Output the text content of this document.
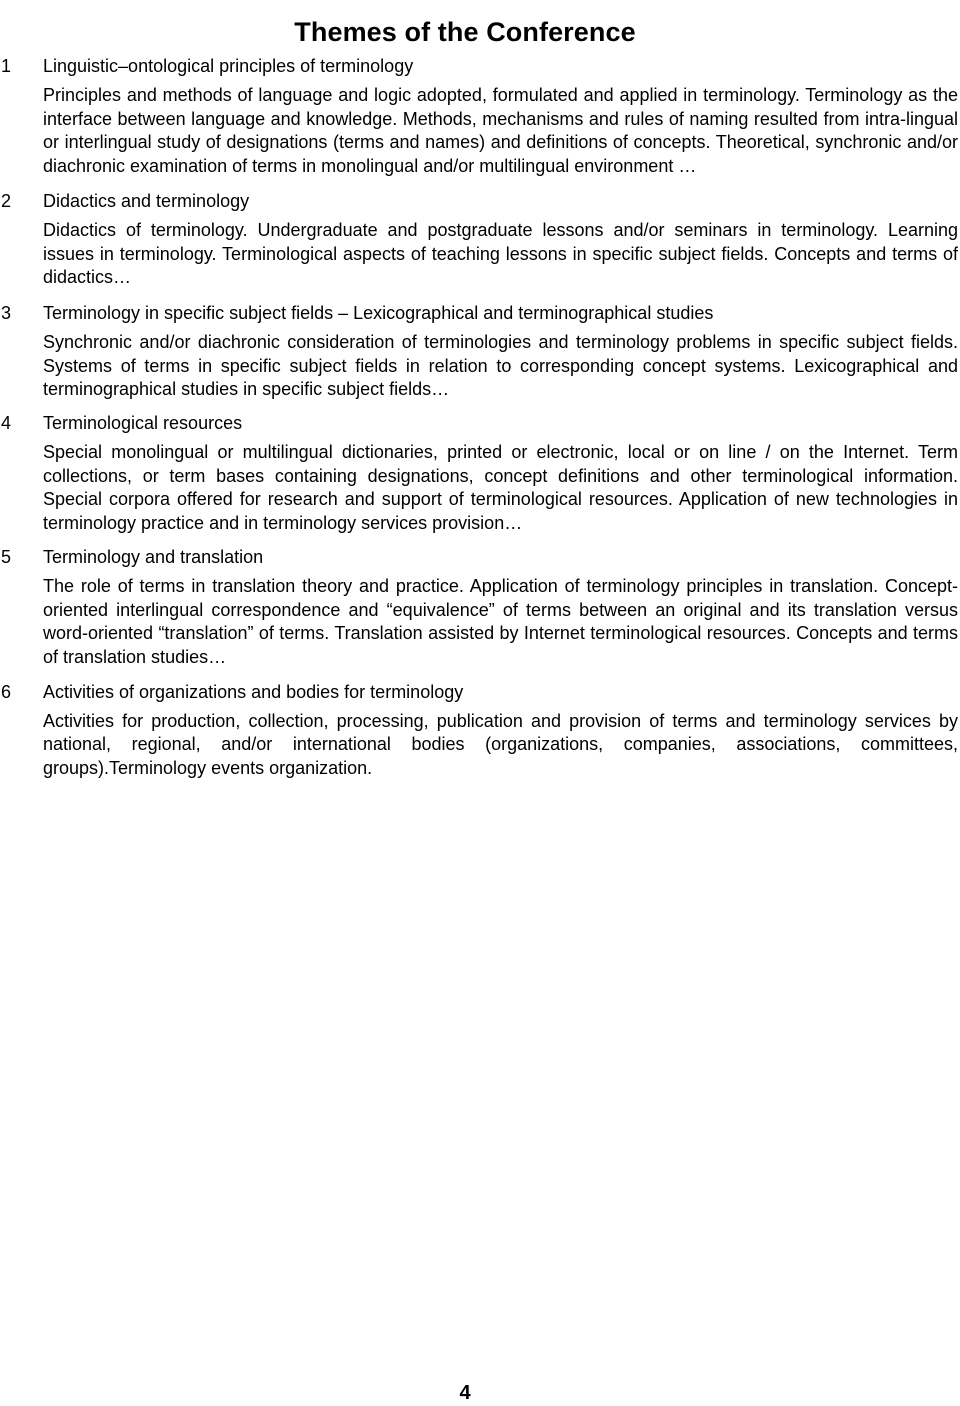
Themes of the Conference
1	Linguistic–ontological principles of terminology

Principles and methods of language and logic adopted, formulated and applied in terminology. Terminology as the interface between language and knowledge. Methods, mechanisms and rules of naming resulted from intra-lingual or interlingual study of designations (terms and names) and definitions of concepts. Theoretical, synchronic and/or diachronic examination of terms in monolingual and/or multilingual environment …

2	Didactics and terminology

Didactics of terminology. Undergraduate and postgraduate lessons and/or seminars in terminology. Learning issues in terminology. Terminological aspects of teaching lessons in specific subject fields. Concepts and terms of didactics…

3	Terminology in specific subject fields – Lexicographical and terminographical studies

Synchronic and/or diachronic consideration of terminologies and terminology problems in specific subject fields. Systems of terms in specific subject fields in relation to corresponding concept systems. Lexicographical and terminographical studies in specific subject fields…

4	Terminological resources

Special monolingual or multilingual dictionaries, printed or electronic, local or on line / on the Internet. Term collections, or term bases containing designations, concept definitions and other terminological information. Special corpora offered for research and support of terminological resources. Application of new technologies in terminology practice and in terminology services provision…

5	Terminology and translation

The role of terms in translation theory and practice. Application of terminology principles in translation. Concept-oriented interlingual correspondence and “equivalence” of terms between an original and its translation versus word-oriented “translation” of terms. Translation assisted by Internet terminological resources. Concepts and terms of translation studies…

6	Activities of organizations and bodies for terminology

Activities for production, collection, processing, publication and provision of terms and terminology services by national, regional, and/or international bodies (organizations, companies, associations, committees, groups).Terminology events organization.

4
